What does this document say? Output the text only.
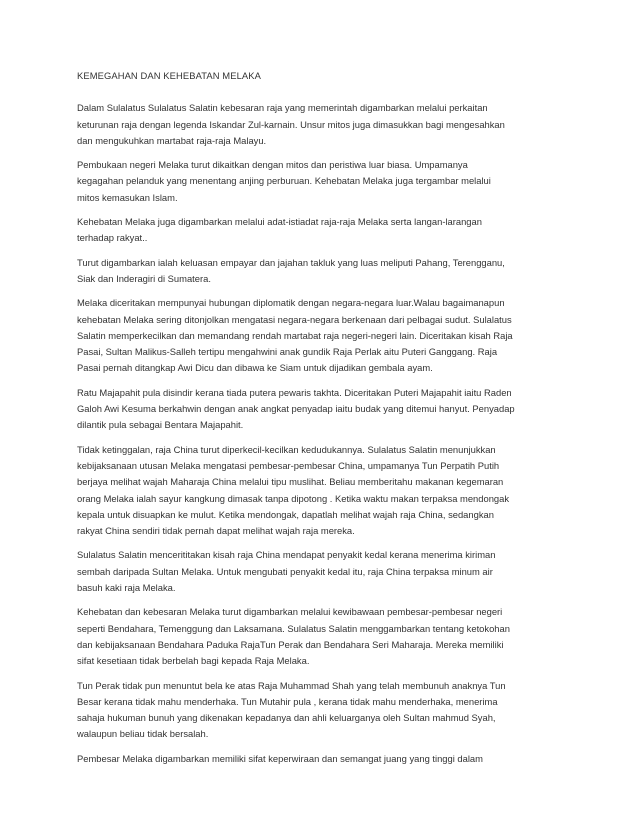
KEMEGAHAN DAN KEHEBATAN MELAKA

Dalam Sulalatus Sulalatus Salatin kebesaran raja yang memerintah digambarkan melalui perkaitan
keturunan raja dengan legenda Iskandar Zul-karnain. Unsur mitos juga dimasukkan bagi mengesahkan
dan mengukuhkan martabat raja-raja Malayu.

Pembukaan negeri Melaka turut dikaitkan dengan mitos dan peristiwa luar biasa. Umpamanya
kegagahan pelanduk yang menentang anjing perburuan. Kehebatan Melaka juga tergambar melalui
mitos kemasukan Islam.

Kehebatan Melaka juga digambarkan melalui adat-istiadat raja-raja Melaka serta langan-larangan
terhadap rakyat..

Turut digambarkan ialah keluasan empayar dan jajahan takluk yang luas meliputi Pahang, Terengganu,
Siak dan Inderagiri di Sumatera.

Melaka diceritakan mempunyai hubungan diplomatik dengan negara-negara luar.Walau bagaimanapun
kehebatan Melaka sering ditonjolkan mengatasi negara-negara berkenaan dari pelbagai sudut. Sulalatus
Salatin memperkecilkan dan memandang rendah martabat raja negeri-negeri lain. Diceritakan kisah Raja
Pasai, Sultan Malikus-Salleh tertipu mengahwini anak gundik Raja Perlak aitu Puteri Ganggang. Raja
Pasai pernah ditangkap Awi Dicu dan dibawa ke Siam untuk dijadikan gembala ayam.

Ratu Majapahit pula disindir kerana tiada putera pewaris takhta. Diceritakan Puteri Majapahit iaitu Raden
Galoh Awi Kesuma berkahwin dengan anak angkat penyadap iaitu budak yang ditemui hanyut. Penyadap
dilantik pula sebagai Bentara Majapahit.

Tidak ketinggalan, raja China turut diperkecil-kecilkan kedudukannya. Sulalatus Salatin menunjukkan
kebijaksanaan utusan Melaka mengatasi pembesar-pembesar China, umpamanya Tun Perpatih Putih
berjaya melihat wajah Maharaja China melalui tipu muslihat. Beliau memberitahu makanan kegemaran
orang Melaka ialah sayur kangkung dimasak tanpa dipotong . Ketika waktu makan terpaksa mendongak
kepala untuk disuapkan ke mulut. Ketika mendongak, dapatlah melihat wajah raja China, sedangkan
rakyat China sendiri tidak pernah dapat melihat wajah raja mereka.

Sulalatus Salatin mencerititakan kisah raja China mendapat penyakit kedal kerana menerima kiriman
sembah daripada Sultan Melaka. Untuk mengubati penyakit kedal itu, raja China terpaksa minum air
basuh kaki raja Melaka.

Kehebatan dan kebesaran Melaka turut digambarkan melalui kewibawaan pembesar-pembesar negeri
seperti Bendahara, Temenggung dan Laksamana. Sulalatus Salatin menggambarkan tentang ketokohan
dan kebijaksanaan Bendahara Paduka RajaTun Perak dan Bendahara Seri Maharaja. Mereka memiliki
sifat kesetiaan tidak berbelah bagi kepada Raja Melaka.

Tun Perak tidak pun menuntut bela ke atas Raja Muhammad Shah yang telah membunuh anaknya Tun
Besar kerana tidak mahu menderhaka. Tun Mutahir pula , kerana tidak mahu menderhaka, menerima
sahaja hukuman bunuh yang dikenakan kepadanya dan ahli keluarganya oleh Sultan mahmud Syah,
walaupun beliau tidak bersalah.

Pembesar Melaka digambarkan memiliki sifat keperwiraan dan semangat juang yang tinggi dalam
